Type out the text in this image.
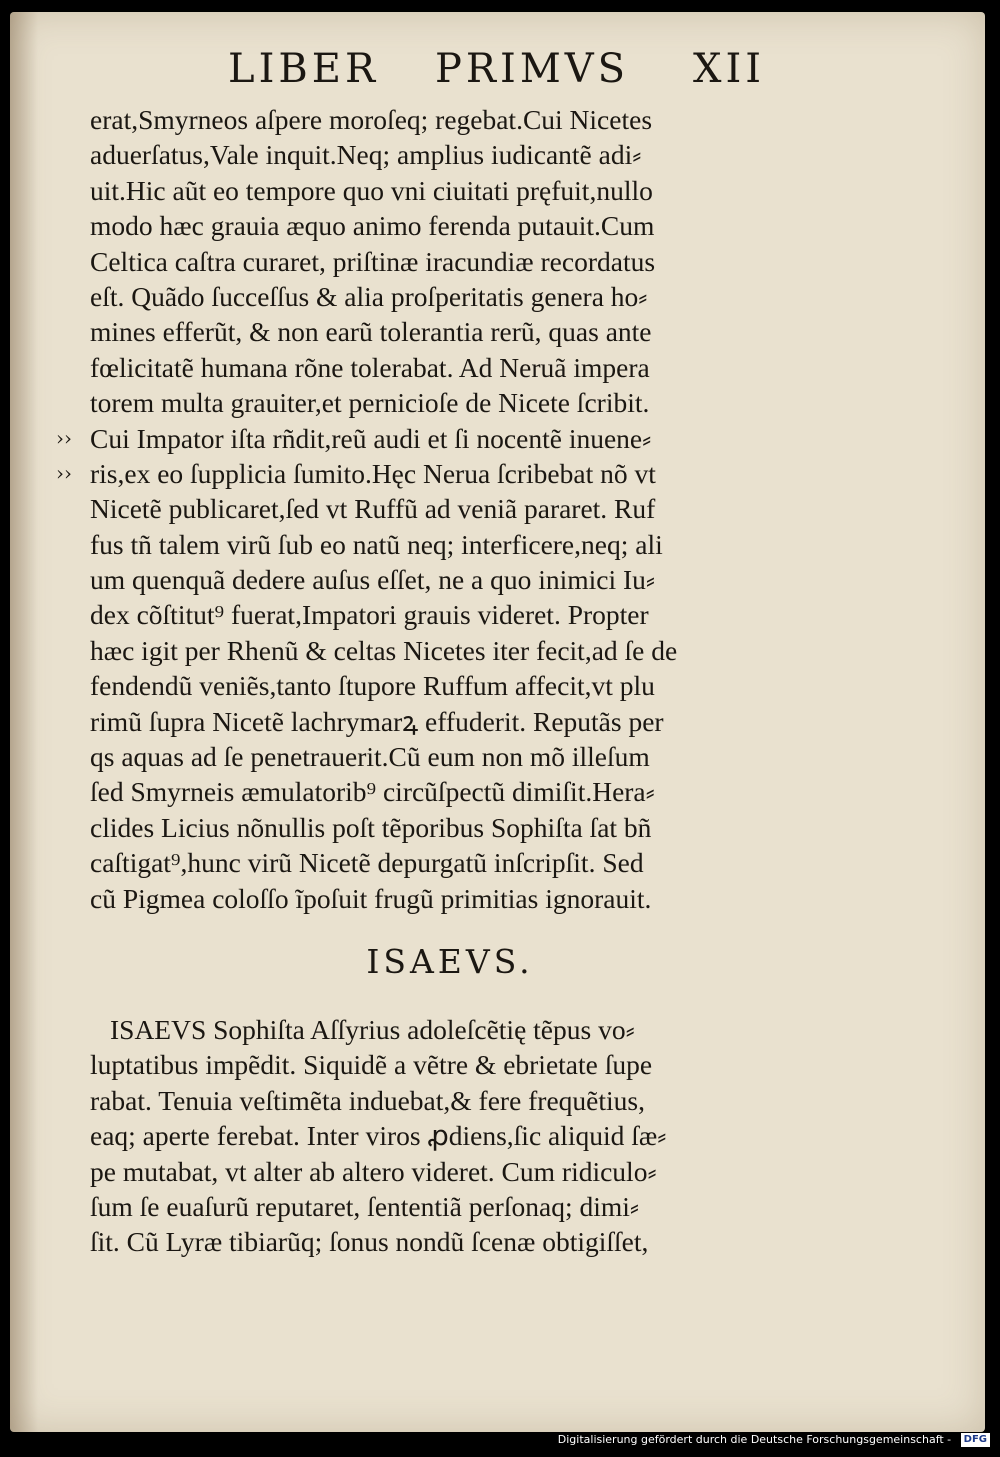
LIBER PRIMVS XII
erat,Smyrneos aſpere moroſeq; regebat.Cui Nicetes
aduerſatus,Vale inquit.Neq; amplius iudicantẽ adi⸗
uit.Hic aũt eo tempore quo vni ciuitati pręfuit,nullo
modo hæc grauia æquo animo ferenda putauit.Cum
Celtica caſtra curaret, priſtinæ iracundiæ recordatus
eſt. Quãdo ſucceſſus & alia proſperitatis genera ho⸗
mines efferũt, & non earũ tolerantia rerũ, quas ante
fœlicitatẽ humana rõne tolerabat. Ad Neruã impera
torem multa grauiter,et pernicioſe de Nicete ſcribit.
›› Cui Impator iſta rñdit,reũ audi et ſi nocentẽ inuene⸗
›› ris,ex eo ſupplicia ſumito.Hęc Nerua ſcribebat nõ vt
Nicetẽ publicaret,ſed vt Ruffũ ad veniã pararet. Ruf
fus tñ talem virũ ſub eo natũ neq; interficere,neq; ali
um quenquã dedere auſus eſſet, ne a quo inimici Iu⸗
dex cõſtitut⁹ fuerat,Impatori grauis videret. Propter
hæc igit per Rhenũ & celtas Nicetes iter fecit,ad ſe de
fendendũ veniẽs,tanto ſtupore Ruffum affecit,vt plu
rimũ ſupra Nicetẽ lachrymarꝝ effuderit. Reputãs per
qs aquas ad ſe penetrauerit.Cũ eum non mõ illeſum
ſed Smyrneis æmulatorib⁹ circũſpectũ dimiſit.Hera⸗
clides Licius nõnullis poſt tẽporibus Sophiſta ſat bñ
caſtigat⁹,hunc virũ Nicetẽ depurgatũ inſcripſit. Sed
cũ Pigmea coloſſo ĩpoſuit frugũ primitias ignorauit.
ISAEVS.
ISAEVS Sophiſta Aſſyrius adoleſcẽtię tẽpus vo⸗
luptatibus impẽdit. Siquidẽ a vẽtre & ebrietate ſupe
rabat. Tenuia veſtimẽta induebat,& fere frequẽtius,
eaq; aperte ferebat. Inter viros ꝓdiens,ſic aliquid ſæ⸗
pe mutabat, vt alter ab altero videret. Cum ridiculo⸗
ſum ſe euaſurũ reputaret, ſententiã perſonaq; dimi⸗
ſit. Cũ Lyræ tibiarũq; ſonus nondũ ſcenæ obtigiſſet,
Digitalisierung gefördert durch die Deutsche Forschungsgemeinschaft - DFG
